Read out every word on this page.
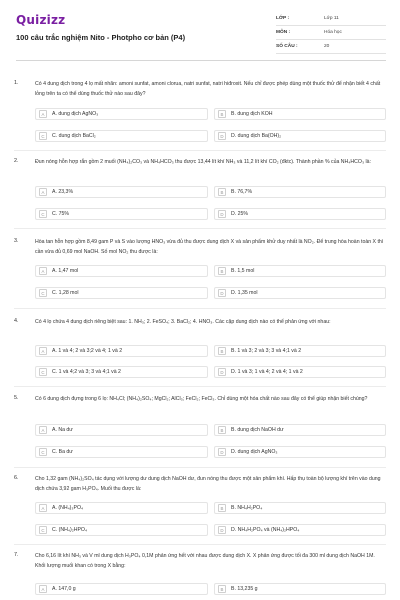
Quizizz
100 câu trắc nghiệm Nito - Photpho cơ bản (P4)
LỚP :	Lớp 11
MÔN :	Hóa học
SỐ CÂU :	20
1.	Có 4 dung dịch trong 4 lọ mất nhãn: amoni sunfat, amoni clorua, natri sunfat, natri hiđroxit. Nếu chỉ được phép dùng một thuốc thử để nhận biết 4 chất lỏng trên ta có thể dùng thuốc thử nào sau đây?
A	A. dung dịch AgNO₃	B	B. dung dịch KOH
C	C. dung dịch BaCl₂	D	D. dung dịch Ba(OH)₂
2.	Đun nóng hỗn hợp rắn gồm 2 muối (NH₄)₂CO₃ và NH₄HCO₃ thu được 13,44 lít khí NH₃ và 11,2 lít khí CO₂ (đktc). Thành phần % của NH₄HCO₃ là:
A	A. 23,3%	B	B. 76,7%
C	C. 75%	D	D. 25%
3.	Hòa tan hỗn hợp gồm 8,49 gam P và S vào lượng HNO₃ vừa đủ thu được dung dịch X và sản phẩm khử duy nhất là NO₂. Để trung hòa hoàn toàn X thì cần vừa đủ 0,69 mol NaOH. Số mol NO₂ thu được là:
A	A. 1,47 mol	B	B. 1,5 mol
C	C. 1,28 mol	D	D. 1,35 mol
4.	Có 4 lọ chứa 4 dung dịch riêng biệt sau: 1. NH₃; 2. FeSO₄; 3. BaCl₂; 4. HNO₃. Các cặp dung dịch nào có thể phản ứng với nhau:
A	A. 1 và 4; 2 và 3;2 và 4; 1 và 2	B	B. 1 và 3; 2 và 3; 3 và 4;1 và 2
C	C. 1 và 4;2 và 3; 3 và 4;1 và 2	D	D. 1 và 3; 1 và 4; 2 và 4; 1 và 2
5.	Có 6 dung dịch đựng trong 6 lọ: NH₄Cl; (NH₄)₂SO₄; MgCl₂; AlCl₃; FeCl₂; FeCl₃. Chỉ dùng một hóa chất nào sau đây có thể giúp nhận biết chúng?
A	A. Na dư	B	B. dung dịch NaOH dư
C	C. Ba dư	D	D. dung dịch AgNO₃
6.	Cho 1,32 gam (NH₄)₂SO₄ tác dụng với lượng dư dung dịch NaOH dư, đun nóng thu được một sản phẩm khí. Hấp thụ toàn bộ lượng khí trên vào dung dịch chứa 3,92 gam H₃PO₄. Muối thu được là:
A	A. (NH₄)₃PO₄	B	B. NH₄H₂PO₄
C	C. (NH₄)₂HPO₄	D	D. NH₄H₂PO₄ và (NH₄)₂HPO₄
7.	Cho 6,16 lít khí NH₃ và V ml dung dịch H₃PO₄ 0,1M phản ứng hết với nhau được dung dịch X. X phản ứng được tối đa 300 ml dung dịch NaOH 1M. Khối lượng muối khan có trong X bằng:
A	A. 147,0 g	B	B. 13,235 g
